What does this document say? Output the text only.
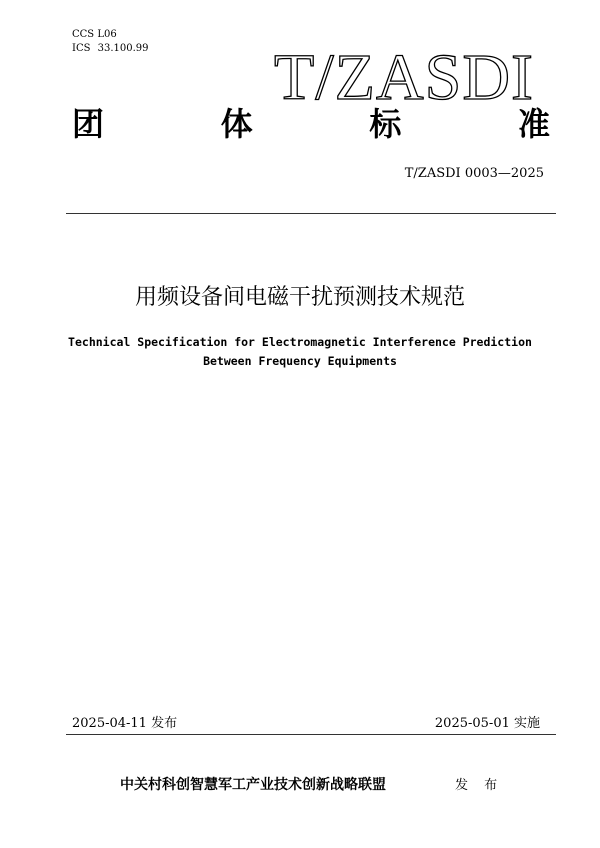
CCS L06
ICS 33.100.99 T/ZASDI
团	体	标	准
T/ZASDI 0003—2025
用频设备间电磁干扰预测技术规范
Technical Specification for Electromagnetic Interference Prediction
Between Frequency Equipments
2025-04-11 发布	2025-05-01 实施
中关村科创智慧军工产业技术创新战略联盟	发 布
